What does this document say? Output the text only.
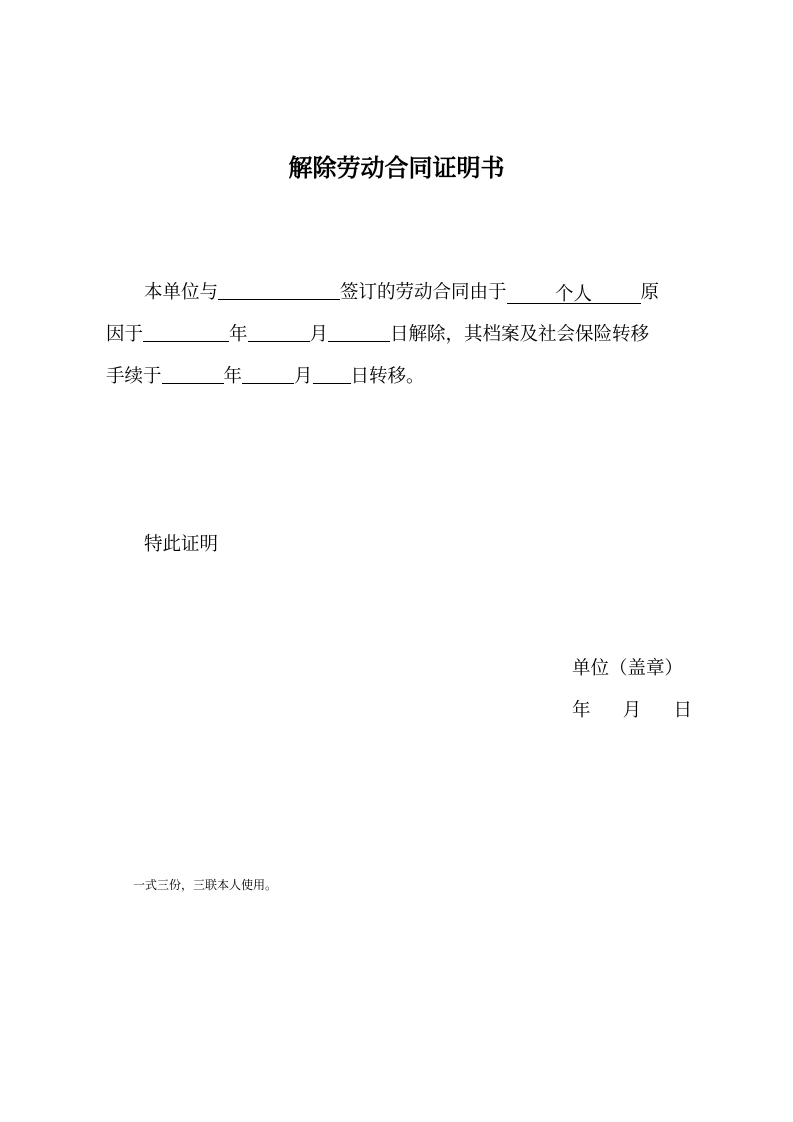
解除劳动合同证明书
本单位与	签订的劳动合同由于	个人	原
因于	年	月	日解除，其档案及社会保险转移
手续于	年	月 日转移。
特此证明
单位（盖章）
年 月 日
一式三份，三联本人使用。
